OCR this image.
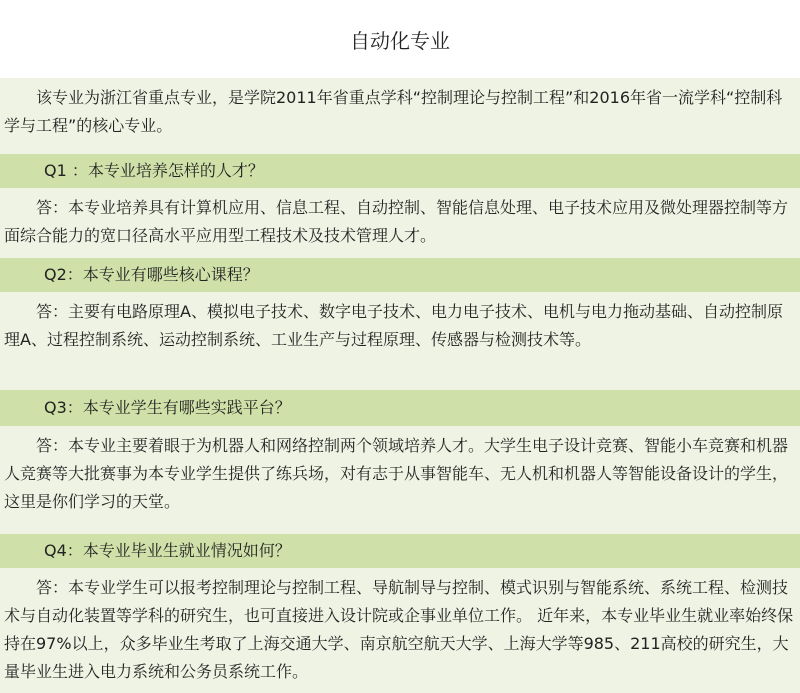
自动化专业
该专业为浙江省重点专业，是学院2011年省重点学科“控制理论与控制工程”和2016年省一流学科“控制科学与工程”的核心专业。
Q1 ：本专业培养怎样的人才？
答：本专业培养具有计算机应用、信息工程、自动控制、智能信息处理、电子技术应用及微处理器控制等方面综合能力的宽口径高水平应用型工程技术及技术管理人才。
Q2：本专业有哪些核心课程？
答：主要有电路原理A、模拟电子技术、数字电子技术、电力电子技术、电机与电力拖动基础、自动控制原理A、过程控制系统、运动控制系统、工业生产与过程原理、传感器与检测技术等。
Q3：本专业学生有哪些实践平台？
答：本专业主要着眼于为机器人和网络控制两个领域培养人才。大学生电子设计竞赛、智能小车竞赛和机器人竞赛等大批赛事为本专业学生提供了练兵场，对有志于从事智能车、无人机和机器人等智能设备设计的学生，这里是你们学习的天堂。
Q4：本专业毕业生就业情况如何？
答：本专业学生可以报考控制理论与控制工程、导航制导与控制、模式识别与智能系统、系统工程、检测技术与自动化装置等学科的研究生，也可直接进入设计院或企事业单位工作。 近年来，本专业毕业生就业率始终保持在97%以上，众多毕业生考取了上海交通大学、南京航空航天大学、上海大学等985、211高校的研究生，大量毕业生进入电力系统和公务员系统工作。
